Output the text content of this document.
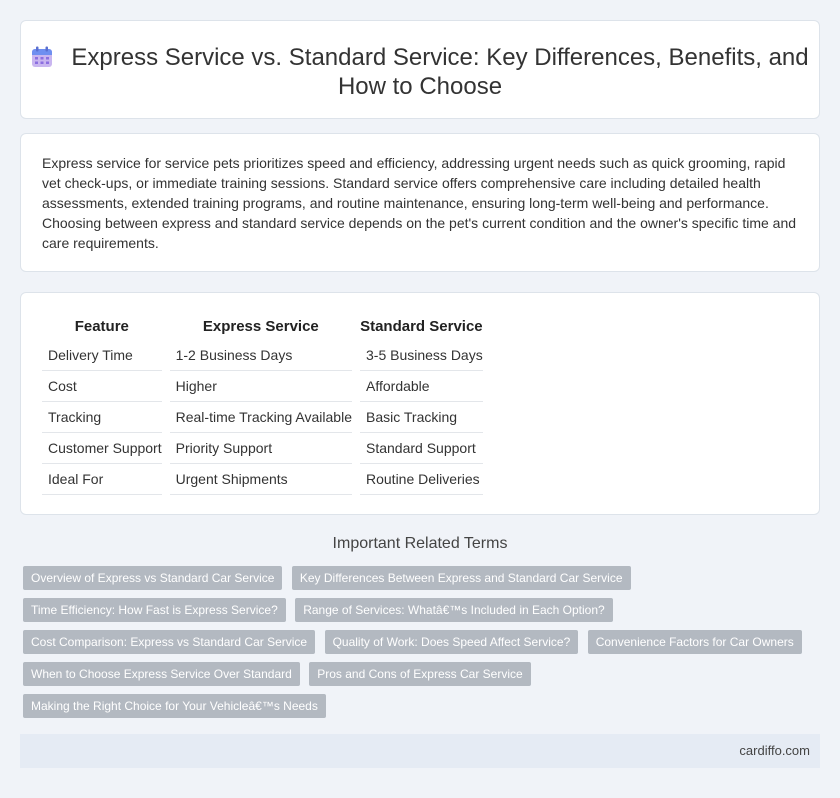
Express Service vs. Standard Service: Key Differences, Benefits, and How to Choose

Express service for service pets prioritizes speed and efficiency, addressing urgent needs such as quick grooming, rapid vet check-ups, or immediate training sessions. Standard service offers comprehensive care including detailed health assessments, extended training programs, and routine maintenance, ensuring long-term well-being and performance. Choosing between express and standard service depends on the pet's current condition and the owner's specific time and care requirements.

Feature	Express Service	Standard Service
Delivery Time	1-2 Business Days	3-5 Business Days
Cost	Higher	Affordable
Tracking	Real-time Tracking Available	Basic Tracking
Customer Support	Priority Support	Standard Support
Ideal For	Urgent Shipments	Routine Deliveries
Important Related Terms
Overview of Express vs Standard Car Service Key Differences Between Express and Standard Car Service
Time Efficiency: How Fast is Express Service? Range of Services: Whatâ€™s Included in Each Option?
Cost Comparison: Express vs Standard Car Service Quality of Work: Does Speed Affect Service? Convenience Factors for Car Owners
When to Choose Express Service Over Standard Pros and Cons of Express Car Service
Making the Right Choice for Your Vehicleâ€™s Needs
cardiffo.com
